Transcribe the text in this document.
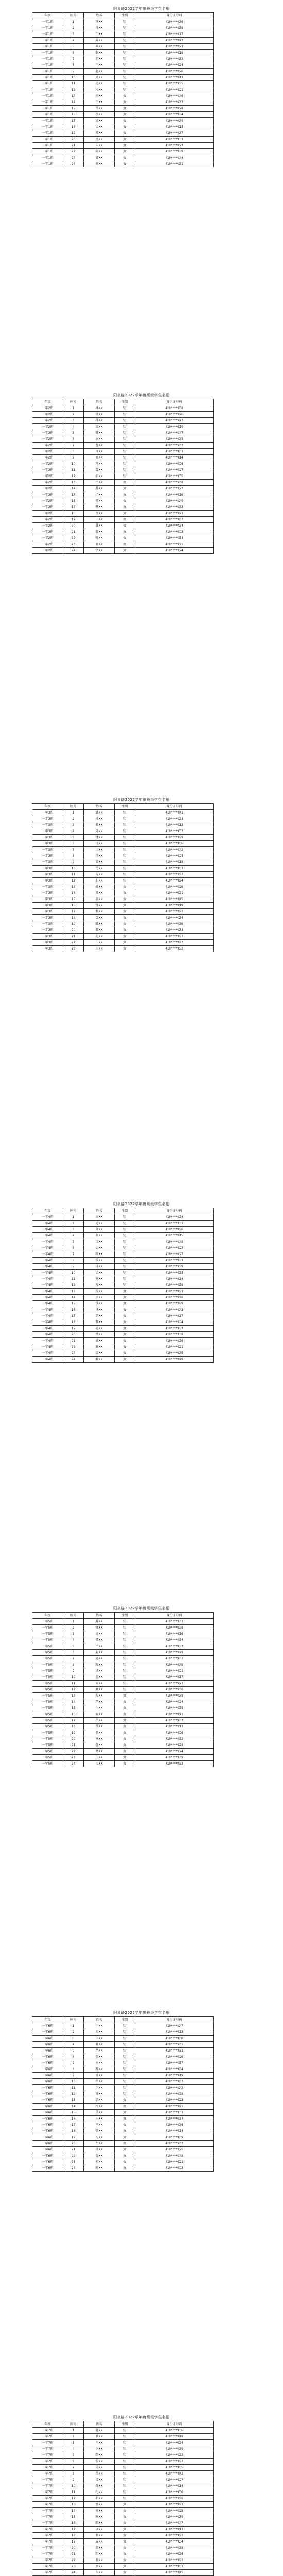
阳泉路2022学年度班级学生名册
年级	座号	姓名	性别	身份证号码
一年1班	1	杨XX	男	410****X86
一年1班	2	孙XX	男	410****X68
一年1班	3	白XX	男	410****X17
一年1班	4	陈XX	男	410****X42
一年1班	5	刘XX	男	410****X71
一年1班	6	张XX	男	410****X18
一年1班	7	胡XX	男	410****X52
一年1班	8	王XX	男	410****X24
一年1班	9	赵XX	男	410****X76
一年1班	10	武XX	男	410****X13
一年1班	11	毛XX	男	410****X35
一年1班	12	宋XX	男	410****X91
一年1班	13	崔XX	女	410****X46
一年1班	14	王XX	女	410****X82
一年1班	15	马XX	女	410****X28
一年1班	16	李XX	女	410****X64
一年1班	17	周XX	女	410****X39
一年1班	18	吴XX	女	410****X15
一年1班	19	郑XX	女	410****X87
一年1班	20	冯XX	女	410****X53
一年1班	21	朱XX	女	410****X22
一年1班	22	何XX	女	410****X69
一年1班	23	郭XX	女	410****X44
一年1班	24	高XX	女	410****X31
阳泉路2022学年度班级学生名册
年级	座号	姓名	性别	身份证号码
一年2班	1	林XX	男	410****X58
一年2班	2	徐XX	男	410****X26
一年2班	3	孙XX	男	410****X73
一年2班	4	梁XX	男	410****X19
一年2班	5	韩XX	男	410****X47
一年2班	6	唐XX	男	410****X85
一年2班	7	曹XX	男	410****X32
一年2班	8	许XX	男	410****X61
一年2班	9	邓XX	男	410****X14
一年2班	10	冯XX	男	410****X96
一年2班	11	曾XX	男	410****X27
一年2班	12	彭XX	男	410****X55
一年2班	13	吕XX	女	410****X38
一年2班	14	苏XX	女	410****X72
一年2班	15	卢XX	女	410****X16
一年2班	16	蒋XX	女	410****X49
一年2班	17	蔡XX	女	410****X83
一年2班	18	贾XX	女	410****X21
一年2班	19	丁XX	女	410****X67
一年2班	20	魏XX	女	410****X34
一年2班	21	薛XX	女	410****X92
一年2班	22	叶XX	女	410****X58
一年2班	23	阎XX	女	410****X25
一年2班	24	余XX	女	410****X74
阳泉路2022学年度班级学生名册
年级	座号	姓名	性别	身份证号码
一年3班	1	潘XX	男	410****X41
一年3班	2	杜XX	男	410****X88
一年3班	3	戴XX	男	410****X13
一年3班	4	夏XX	男	410****X57
一年3班	5	钟XX	男	410****X29
一年3班	6	汪XX	男	410****X66
一年3班	7	田XX	男	410****X42
一年3班	8	任XX	男	410****X95
一年3班	9	姜XX	男	410****X18
一年3班	10	范XX	男	410****X63
一年3班	11	方XX	男	410****X37
一年3班	12	石XX	男	410****X84
一年3班	13	姚XX	女	410****X26
一年3班	14	谭XX	女	410****X71
一年3班	15	廖XX	女	410****X45
一年3班	16	邹XX	女	410****X19
一年3班	17	熊XX	女	410****X82
一年3班	18	金XX	女	410****X54
一年3班	19	陆XX	女	410****X36
一年3班	20	郝XX	女	410****X68
一年3班	21	孔XX	女	410****X23
一年3班	22	白XX	女	410****X97
一年3班	23	崔XX	女	410****X52
阳泉路2022学年度班级学生名册
年级	座号	姓名	性别	身份证号码
一年4班	1	康XX	男	410****X74
一年4班	2	毛XX	男	410****X31
一年4班	3	邱XX	男	410****X86
一年4班	4	秦XX	男	410****X15
一年4班	5	江XX	男	410****X48
一年4班	6	史XX	男	410****X92
一年4班	7	顾XX	男	410****X27
一年4班	8	侯XX	男	410****X63
一年4班	9	邵XX	男	410****X39
一年4班	10	孟XX	男	410****X75
一年4班	11	龙XX	男	410****X14
一年4班	12	万XX	男	410****X58
一年4班	13	段XX	女	410****X81
一年4班	14	雷XX	女	410****X26
一年4班	15	钱XX	女	410****X69
一年4班	16	汤XX	女	410****X43
一年4班	17	尹XX	女	410****X17
一年4班	18	黎XX	女	410****X94
一年4班	19	易XX	女	410****X52
一年4班	20	常XX	女	410****X38
一年4班	21	武XX	女	410****X76
一年4班	22	乔XX	女	410****X21
一年4班	23	贺XX	女	410****X65
一年4班	24	赖XX	女	410****X49
阳泉路2022学年度班级学生名册
年级	座号	姓名	性别	身份证号码
一年5班	1	龚XX	男	410****X33
一年5班	2	文XX	男	410****X78
一年5班	3	庞XX	男	410****X16
一年5班	4	樊XX	男	410****X54
一年5班	5	兰XX	男	410****X87
一年5班	6	殷XX	男	410****X29
一年5班	7	施XX	男	410****X62
一年5班	8	陶XX	男	410****X45
一年5班	9	洪XX	男	410****X91
一年5班	10	翟XX	男	410****X17
一年5班	11	安XX	男	410****X73
一年5班	12	颜XX	男	410****X36
一年5班	13	倪XX	女	410****X58
一年5班	14	严XX	女	410****X24
一年5班	15	牛XX	女	410****X85
一年5班	16	温XX	女	410****X41
一年5班	17	芦XX	女	410****X67
一年5班	18	季XX	女	410****X13
一年5班	19	俞XX	女	410****X96
一年5班	20	章XX	女	410****X52
一年5班	21	鲁XX	女	410****X28
一年5班	22	葛XX	女	410****X74
一年5班	23	伍XX	女	410****X39
一年5班	24	韦XX	女	410****X83
阳泉路2022学年度班级学生名册
年级	座号	姓名	性别	身份证号码
一年6班	1	申XX	男	410****X47
一年6班	2	尤XX	男	410****X12
一年6班	3	毕XX	男	410****X68
一年6班	4	聂XX	男	410****X35
一年6班	5	丛XX	男	410****X91
一年6班	6	焦XX	男	410****X26
一年6班	7	向XX	男	410****X57
一年6班	8	柳XX	男	410****X84
一年6班	9	邢XX	男	410****X19
一年6班	10	路XX	男	410****X63
一年6班	11	岳XX	男	410****X42
一年6班	12	齐XX	男	410****X78
一年6班	13	沿XX	女	410****X23
一年6班	14	梅XX	女	410****X95
一年6班	15	莫XX	女	410****X51
一年6班	16	庄XX	女	410****X37
一年6班	17	辛XX	女	410****X86
一年6班	18	管XX	女	410****X14
一年6班	19	祝XX	女	410****X69
一年6班	20	左XX	女	410****X32
一年6班	21	涂XX	女	410****X75
一年6班	22	谷XX	女	410****X48
一年6班	23	祁XX	女	410****X21
一年6班	24	时XX	女	410****X93
阳泉路2022学年度班级学生名册
年级	座号	姓名	性别	身份证号码
一年7班	1	舒XX	男	410****X56
一年7班	2	耿XX	男	410****X18
一年7班	3	牟XX	男	410****X74
一年7班	4	卜XX	男	410****X39
一年7班	5	路XX	男	410****X82
一年7班	6	詹XX	男	410****X27
一年7班	7	关XX	男	410****X65
一年7班	8	苗XX	男	410****X43
一年7班	9	凌XX	男	410****X97
一年7班	10	费XX	男	410****X14
一年7班	11	纪XX	男	410****X58
一年7班	12	靳XX	男	410****X36
一年7班	13	盛XX	女	410****X81
一年7班	14	童XX	女	410****X25
一年7班	15	欧XX	女	410****X69
一年7班	16	甄XX	女	410****X47
一年7班	17	项XX	女	410****X13
一年7班	18	曲XX	女	410****X92
一年7班	19	成XX	女	410****X54
一年7班	20	游XX	女	410****X38
一年7班	21	阳XX	女	410****X76
一年7班	22	裴XX	女	410****X22
一年7班	23	席XX	女	410****X61
一年7班	24	卫XX	女	410****X45
